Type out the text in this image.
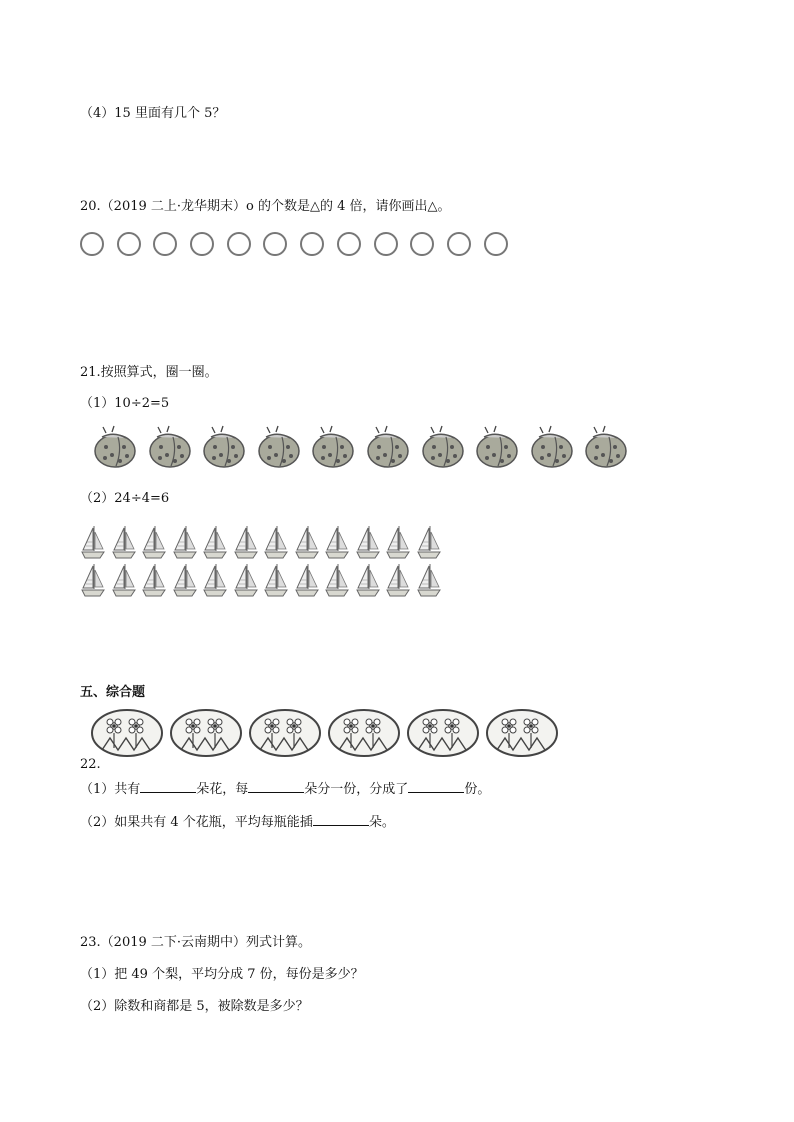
（4）15 里面有几个 5？
20.（2019 二上·龙华期末）o 的个数是△的 4 倍，请你画出△。
21.按照算式，圈一圈。
（1）10÷2=5
（2）24÷4=6
五、综合题
22.
（1）共有	朵花，每	朵分一份，分成了	份。
（2）如果共有 4 个花瓶，平均每瓶能插	朵。
23.（2019 二下·云南期中）列式计算。
（1）把 49 个梨，平均分成 7 份，每份是多少？
（2）除数和商都是 5，被除数是多少？
